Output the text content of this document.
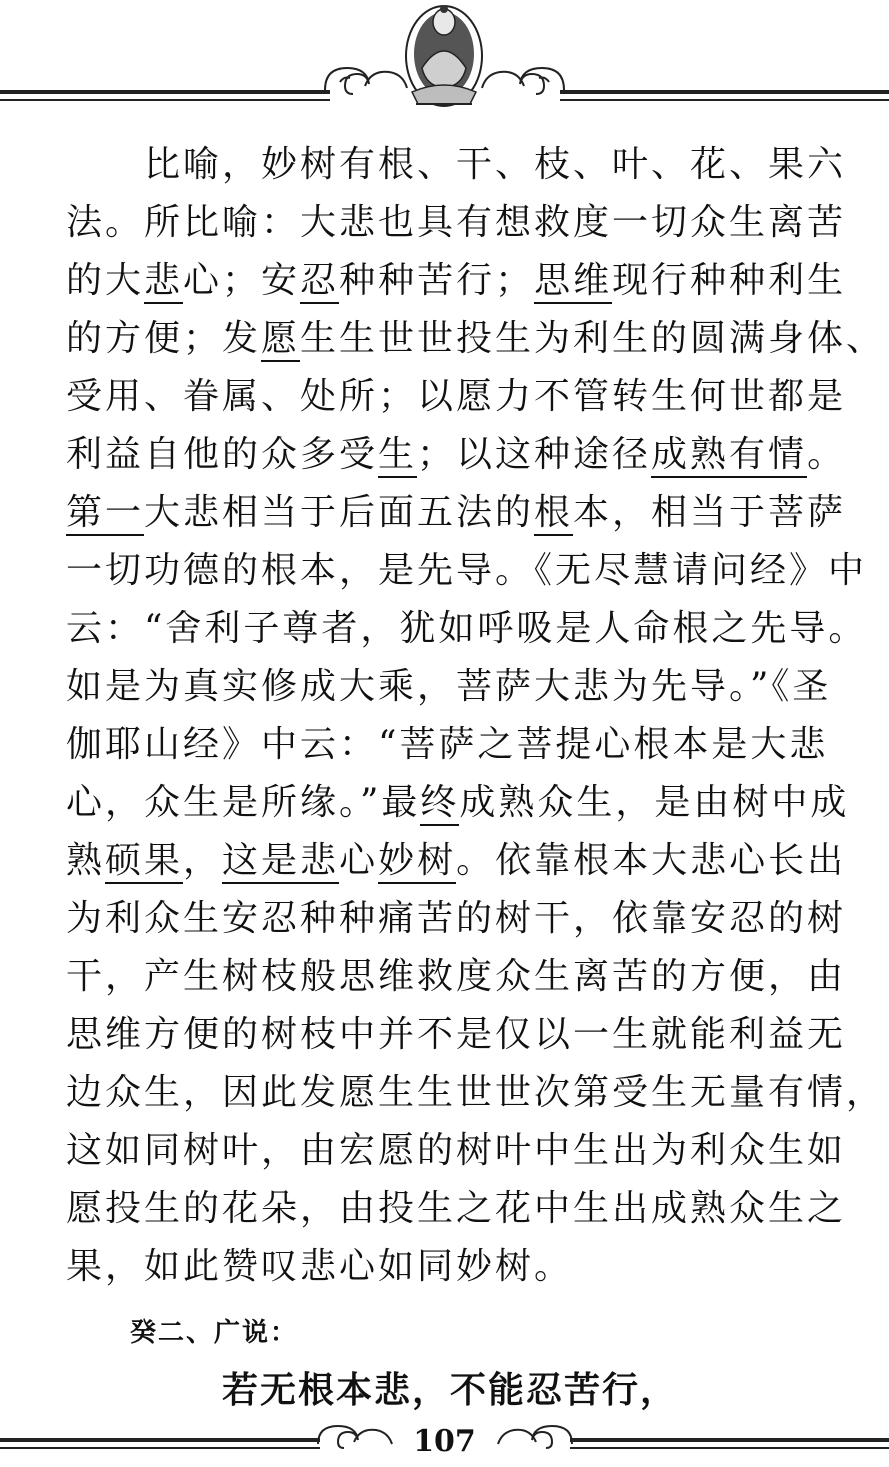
　　比喻，妙树有根、干、枝、叶、花、果六
法。所比喻：大悲也具有想救度一切众生离苦
的大悲心；安忍种种苦行；思维现行种种利生
的方便；发愿生生世世投生为利生的圆满身体、
受用、眷属、处所；以愿力不管转生何世都是
利益自他的众多受生；以这种途径成熟有情。
第一大悲相当于后面五法的根本，相当于菩萨
一切功德的根本，是先导。《无尽慧请问经》中
云：“舍利子尊者，犹如呼吸是人命根之先导。
如是为真实修成大乘，菩萨大悲为先导。”《圣
伽耶山经》中云：“菩萨之菩提心根本是大悲
心，众生是所缘。”最终成熟众生，是由树中成
熟硕果，这是悲心妙树。依靠根本大悲心长出
为利众生安忍种种痛苦的树干，依靠安忍的树
干，产生树枝般思维救度众生离苦的方便，由
思维方便的树枝中并不是仅以一生就能利益无
边众生，因此发愿生生世世次第受生无量有情，
这如同树叶，由宏愿的树叶中生出为利众生如
愿投生的花朵，由投生之花中生出成熟众生之
果，如此赞叹悲心如同妙树。
癸二、广说：
若无根本悲，不能忍苦行，
107
